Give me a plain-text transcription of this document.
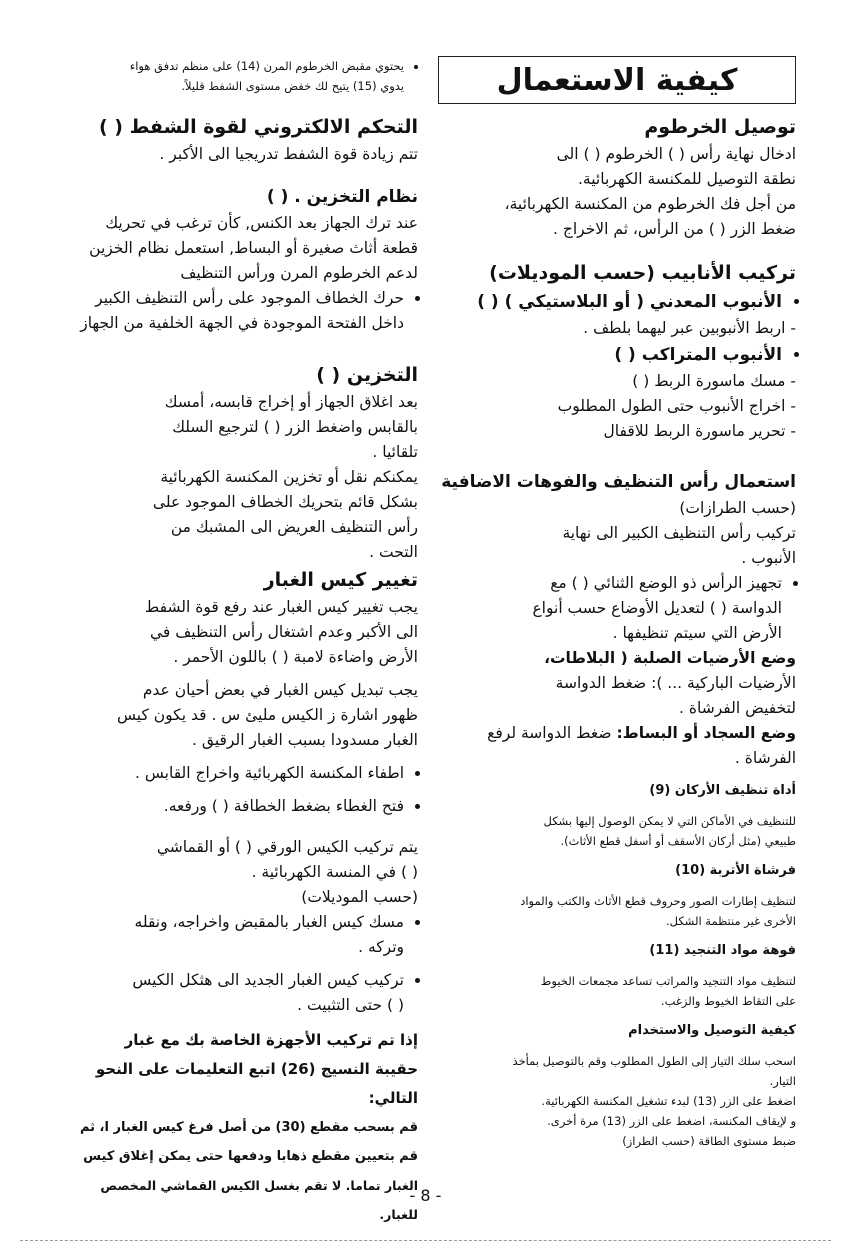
كيفية الاستعمال
توصيل الخرطوم

ادخال نهاية رأس ( ) الخرطوم ( ) الى

نطقة التوصيل للمكنسة الكهربائية.

من أجل فك الخرطوم من المكنسة الكهربائية،

ضغط الزر ( ) من الرأس، ثم الاخراج .

تركيب الأنابيب (حسب الموديلات)
• الأنبوب المعدني ( أو البلاستيكي ) ( )

- اربط الأنبوبين عبر ليهما بلطف .

• الأنبوب المتراكب ( )

- مسك ماسورة الربط ( )

- اخراج الأنبوب حتى الطول المطلوب

- تحرير ماسورة الربط للاقفال

استعمال رأس التنظيف والفوهات الاضافية

(حسب الطرازات)

تركيب رأس التنظيف الكبير الى نهاية

الأنبوب .

• تجهيز الرأس ذو الوضع الثنائي ( ) مع
الدواسة ( ) لتعديل الأوضاع حسب أنواع
الأرض التي سيتم تنظيفها .

وضع الأرضيات الصلبة ( البلاطات،

الأرضيات الباركية ... ): ضغط الدواسة

لتخفيض الفرشاة .

وضع السجاد أو البساط: ضغط الدواسة لرفع

الفرشاة .

أداة تنظيف الأركان (9)

للتنظيف في الأماكن التي لا يمكن الوصول إليها بشكل

طبيعي (مثل أركان الأسقف أو أسفل قطع الأثاث).

فرشاة الأتربة (10)

لتنظيف إطارات الصور وحروف قطع الأثاث والكتب والمواد

الأخرى غير منتظمة الشكل.

فوهة مواد التنجيد (11)

لتنظيف مواد التنجيد والمراتب تساعد مجمعات الخيوط

على التقاط الخيوط والزغب.

كيفية التوصيل والاستخدام

اسحب سلك التيار إلى الطول المطلوب وقم بالتوصيل بمأخذ

التيار.

اضغط على الزر (13) لبدء تشغيل المكنسة الكهربائية.

و لإيقاف المكنسة، اضغط على الزر (13) مرة أخرى.

ضبط مستوى الطاقة (حسب الطراز)

• يحتوي مقبض الخرطوم المرن (14) على منظم تدفق هواء
يدوي (15) يتيح لك خفض مستوى الشفط قليلاً.
التحكم الالكتروني لقوة الشفط ( )

تتم زيادة قوة الشفط تدريجيا الى الأكبر .

نظام التخزين . ( )

عند ترك الجهاز بعد الكنس, كأن ترغب في تحريك

قطعة أثاث صغيرة أو البساط, استعمل نظام الخزين

لدعم الخرطوم المرن ورأس التنظيف

• حرك الخطاف الموجود على رأس التنظيف الكبير
داخل الفتحة الموجودة في الجهة الخلفية من الجهاز
التخزين ( )

بعد اغلاق الجهاز أو إخراج قابسه، أمسك

بالقابس واضغط الزر ( ) لترجيع السلك

تلقائيا .

يمكنكم نقل أو تخزين المكنسة الكهربائية

بشكل قائم بتحريك الخطاف الموجود على

رأس التنظيف العريض الى المشبك من

التحت .

تغيير كيس الغبار

يجب تغيير كيس الغبار عند رفع قوة الشفط

الى الأكبر وعدم اشتغال رأس التنظيف في

الأرض واضاءة لامبة ( ) باللون الأحمر .

يجب تبديل كيس الغبار في بعض أحيان عدم

ظهور اشارة ز الكيس مليئ س . قد يكون كيس

الغبار مسدودا بسبب الغبار الرقيق .

• اطفاء المكنسة الكهربائية واخراج القابس .
• فتح الغطاء بضغط الخطافة ( ) ورفعه.

يتم تركيب الكيس الورقي ( ) أو القماشي

( ) في المنسة الكهربائية .

(حسب الموديلات)

• مسك كيس الغبار بالمقبض واخراجه، ونقله
وتركه .
• تركيب كيس الغبار الجديد الى هثكل الكيس
( ) حتى التثبيت .

إذا تم تركيب الأجهزة الخاصة بك مع غبار

حقيبة النسيج (26) اتبع التعليمات على النحو التالي:

قم بسحب مقطع (30) من أصل فرغ كيس الغبار ا، ثم

قم بتعيين مقطع ذهابا ودفعها حتى يمكن إغلاق كيس

الغبار تماما. لا تقم بغسل الكيس القماشي المخصص للغبار.

- 8 -
